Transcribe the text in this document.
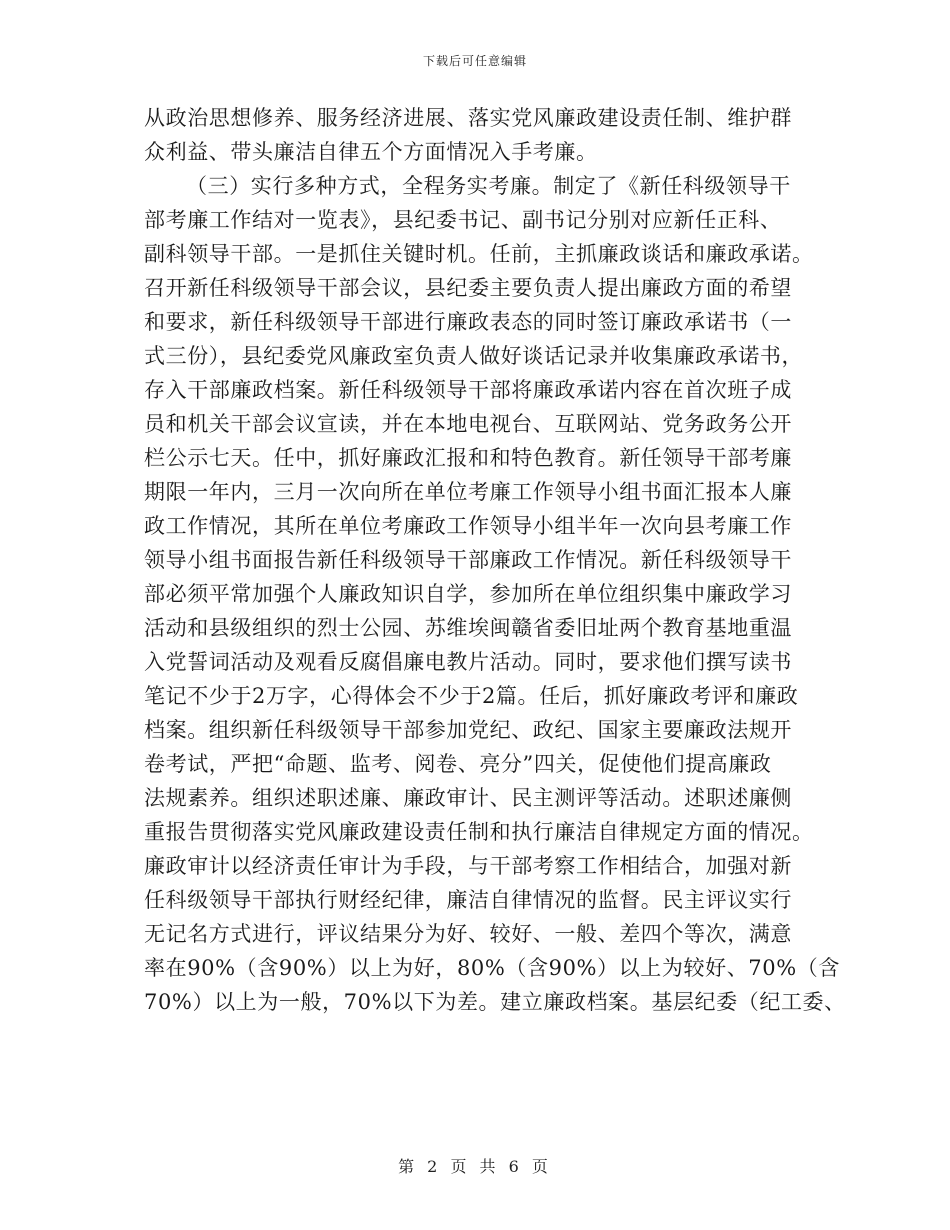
下载后可任意编辑
从政治思想修养、服务经济进展、落实党风廉政建设责任制、维护群
众利益、带头廉洁自律五个方面情况入手考廉。
（三）实行多种方式，全程务实考廉。制定了《新任科级领导干
部考廉工作结对一览表》，县纪委书记、副书记分别对应新任正科、
副科领导干部。一是抓住关键时机。任前，主抓廉政谈话和廉政承诺。
召开新任科级领导干部会议，县纪委主要负责人提出廉政方面的希望
和要求，新任科级领导干部进行廉政表态的同时签订廉政承诺书（一
式三份），县纪委党风廉政室负责人做好谈话记录并收集廉政承诺书，
存入干部廉政档案。新任科级领导干部将廉政承诺内容在首次班子成
员和机关干部会议宣读，并在本地电视台、互联网站、党务政务公开
栏公示七天。任中，抓好廉政汇报和和特色教育。新任领导干部考廉
期限一年内，三月一次向所在单位考廉工作领导小组书面汇报本人廉
政工作情况，其所在单位考廉政工作领导小组半年一次向县考廉工作
领导小组书面报告新任科级领导干部廉政工作情况。新任科级领导干
部必须平常加强个人廉政知识自学，参加所在单位组织集中廉政学习
活动和县级组织的烈士公园、苏维埃闽赣省委旧址两个教育基地重温
入党誓词活动及观看反腐倡廉电教片活动。同时，要求他们撰写读书
笔记不少于2万字，心得体会不少于2篇。任后，抓好廉政考评和廉政
档案。组织新任科级领导干部参加党纪、政纪、国家主要廉政法规开
卷考试，严把“命题、监考、阅卷、亮分”四关，促使他们提高廉政
法规素养。组织述职述廉、廉政审计、民主测评等活动。述职述廉侧
重报告贯彻落实党风廉政建设责任制和执行廉洁自律规定方面的情况。
廉政审计以经济责任审计为手段，与干部考察工作相结合，加强对新
任科级领导干部执行财经纪律，廉洁自律情况的监督。民主评议实行
无记名方式进行，评议结果分为好、较好、一般、差四个等次，满意
率在90%（含90%）以上为好，80%（含90%）以上为较好、70%（含
70%）以上为一般，70%以下为差。建立廉政档案。基层纪委（纪工委、
第 2 页 共 6 页
